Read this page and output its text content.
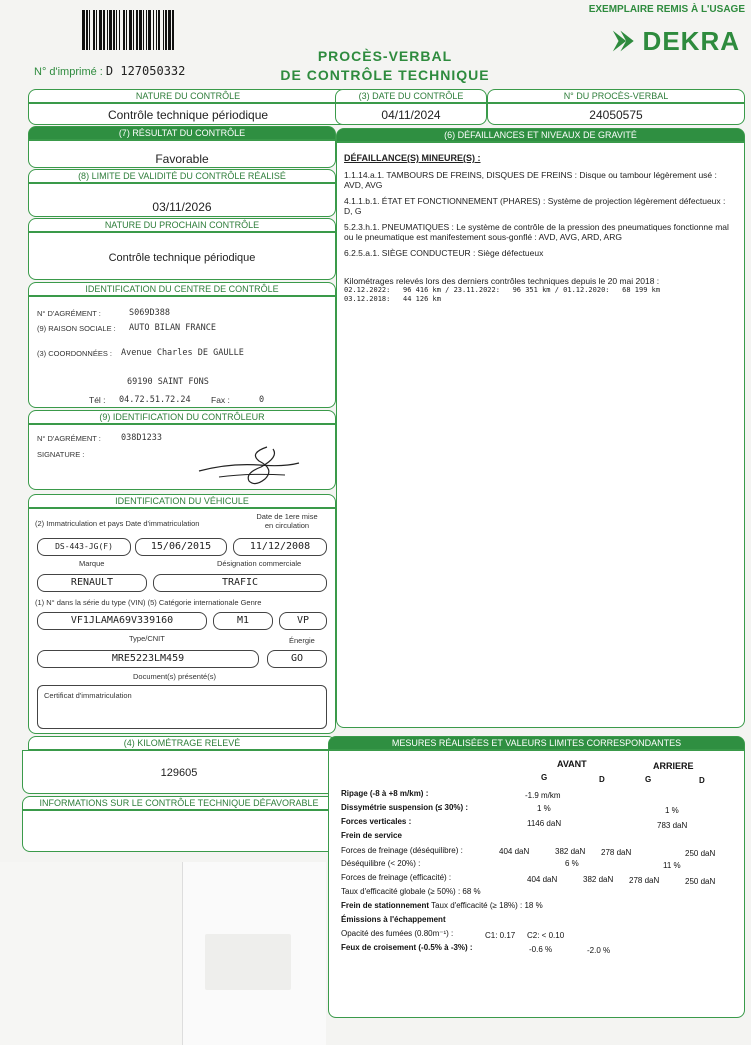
EXEMPLAIRE REMIS À L'USAGE
DEKRA
PROCÈS-VERBAL
DE CONTRÔLE TECHNIQUE
N° d'imprimé : D 127050332
NATURE DU CONTRÔLE
Contrôle technique périodique
(3) DATE DU CONTRÔLE
04/11/2024
N° DU PROCÈS-VERBAL
24050575
(7) RÉSULTAT DU CONTRÔLE
Favorable
(8) LIMITE DE VALIDITÉ DU CONTRÔLE RÉALISÉ
03/11/2026
NATURE DU PROCHAIN CONTRÔLE
Contrôle technique périodique
IDENTIFICATION DU CENTRE DE CONTRÔLE
N° D'AGRÉMENT :	S069D388
(9) RAISON SOCIALE : AUTO BILAN FRANCE
(3) COORDONNÉES : Avenue Charles DE GAULLE
69190 SAINT FONS
Tél : 04.72.51.72.24 Fax :	0
(9) IDENTIFICATION DU CONTRÔLEUR
N° D'AGRÉMENT : 038D1233
SIGNATURE :
IDENTIFICATION DU VÉHICULE
(2) Immatriculation et pays Date d'immatriculation
Date de 1ere mise
en circulation
DS-443-JG(F)	15/06/2015	11/12/2008
Marque	Désignation commerciale
RENAULT	TRAFIC
(1) N° dans la série du type (VIN) (5) Catégorie internationale Genre
VF1JLAMA69V339160	M1	VP
Type/CNIT	Énergie
MRE5223LM459	GO
Document(s) présenté(s)
Certificat d'immatriculation
(4) KILOMÉTRAGE RELEVÉ
129605
INFORMATIONS SUR LE CONTRÔLE TECHNIQUE DÉFAVORABLE
(6) DÉFAILLANCES ET NIVEAUX DE GRAVITÉ
DÉFAILLANCE(S) MINEURE(S) :
1.1.14.a.1. TAMBOURS DE FREINS, DISQUES DE FREINS : Disque ou tambour légèrement usé : AVD, AVG
4.1.1.b.1. ÉTAT ET FONCTIONNEMENT (PHARES) : Système de projection légèrement défectueux : D, G
5.2.3.h.1. PNEUMATIQUES : Le système de contrôle de la pression des pneumatiques fonctionne mal ou le pneumatique est manifestement sous-gonflé : AVD, AVG, ARD, ARG
6.2.5.a.1. SIÈGE CONDUCTEUR : Siège défectueux
Kilométrages relevés lors des derniers contrôles techniques depuis le 20 mai 2018 :
02.12.2022:   96 416 km / 23.11.2022:   96 351 km / 01.12.2020:   68 199 km
03.12.2018:   44 126 km
MESURES RÉALISÉES ET VALEURS LIMITES CORRESPONDANTES
AVANT	ARRIERE
G	D	G	D
Ripage (-8 à +8 m/km) :	-1.9 m/km
Dissymétrie suspension (≤ 30%) :	1 %	1 %
Forces verticales :	1146 daN	783 daN
Frein de service
Forces de freinage (déséquilibre) :	404 daN	382 daN 278 daN	250 daN
Déséquilibre (< 20%) :	6 %	11 %
Forces de freinage (efficacité) :	404 daN	382 daN 278 daN	250 daN
Taux d'efficacité globale (≥ 50%) : 68 %
Frein de stationnement Taux d'efficacité (≥ 18%) : 18 %
Émissions à l'échappement
Opacité des fumées (0.80m⁻¹) :	C1: 0.17 C2: < 0.10
Feux de croisement (-0.5% à -3%) :	-0.6 %	-2.0 %
